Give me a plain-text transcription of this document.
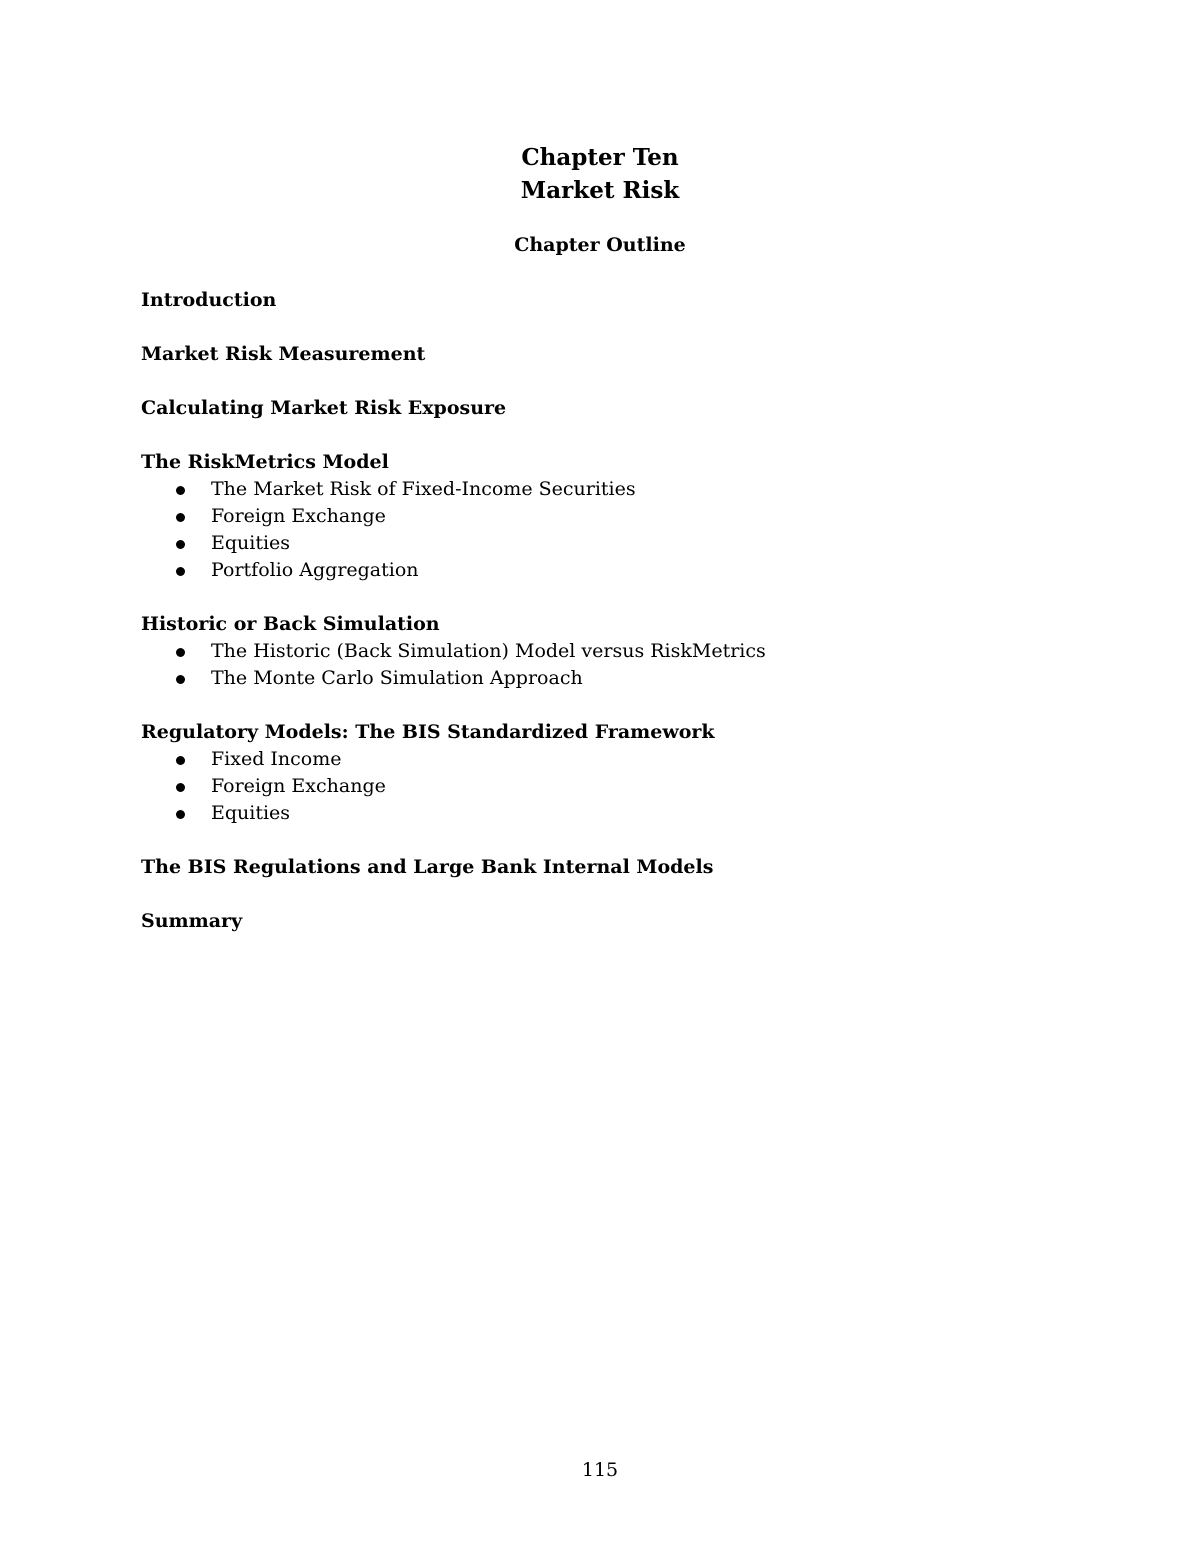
Chapter Ten
Market Risk
Chapter Outline
Introduction
Market Risk Measurement
Calculating Market Risk Exposure
The RiskMetrics Model
The Market Risk of Fixed-Income Securities
Foreign Exchange
Equities
Portfolio Aggregation
Historic or Back Simulation
The Historic (Back Simulation) Model versus RiskMetrics
The Monte Carlo Simulation Approach
Regulatory Models: The BIS Standardized Framework
Fixed Income
Foreign Exchange
Equities
The BIS Regulations and Large Bank Internal Models
Summary
115
